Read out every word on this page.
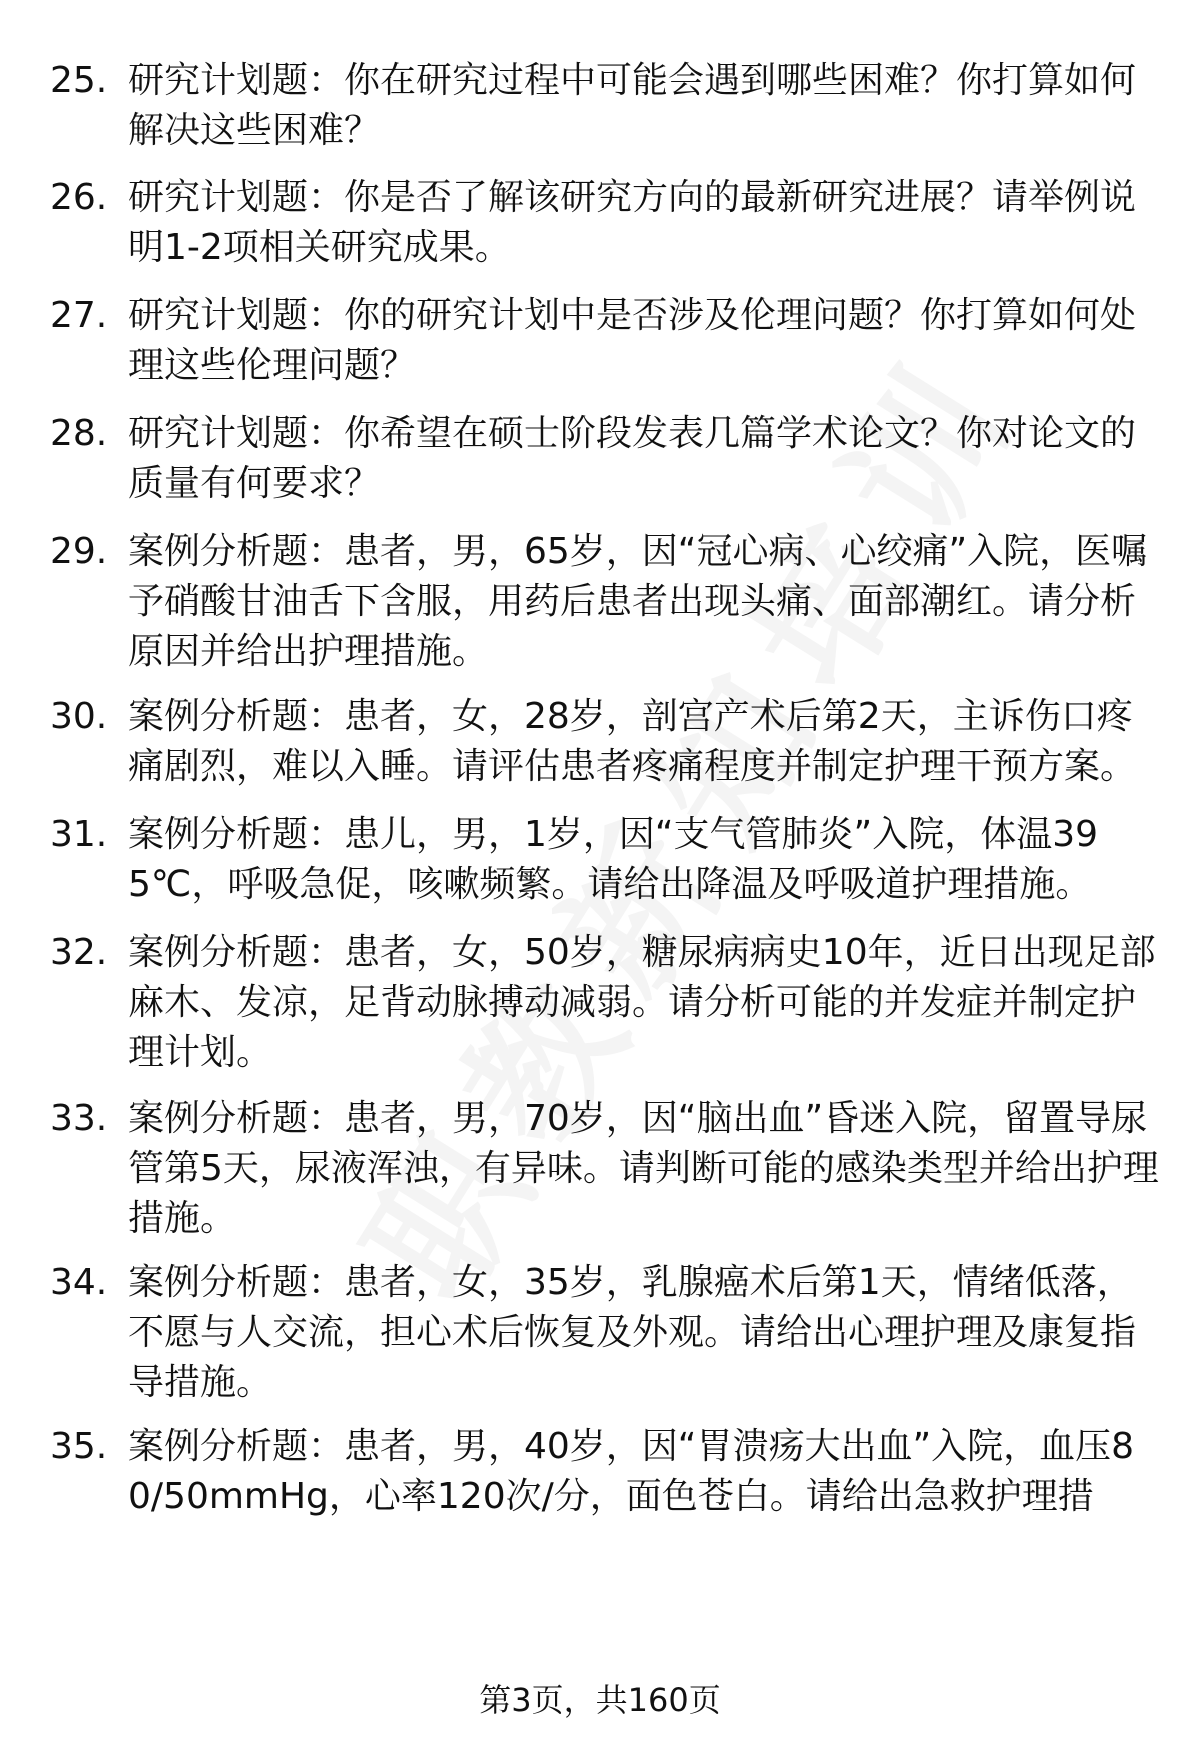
25. 研究计划题：你在研究过程中可能会遇到哪些困难？你打算如何解决这些困难？
26. 研究计划题：你是否了解该研究方向的最新研究进展？请举例说明1-2项相关研究成果。
27. 研究计划题：你的研究计划中是否涉及伦理问题？你打算如何处理这些伦理问题？
28. 研究计划题：你希望在硕士阶段发表几篇学术论文？你对论文的质量有何要求？
29. 案例分析题：患者，男，65岁，因“冠心病、心绞痛”入院，医嘱予硝酸甘油舌下含服，用药后患者出现头痛、面部潮红。请分析原因并给出护理措施。
30. 案例分析题：患者，女，28岁，剖宫产术后第2天，主诉伤口疼痛剧烈，难以入睡。请评估患者疼痛程度并制定护理干预方案。
31. 案例分析题：患儿，男，1岁，因“支气管肺炎”入院，体温395℃，呼吸急促，咳嗽频繁。请给出降温及呼吸道护理措施。
32. 案例分析题：患者，女，50岁，糖尿病病史10年，近日出现足部麻木、发凉，足背动脉搏动减弱。请分析可能的并发症并制定护理计划。
33. 案例分析题：患者，男，70岁，因“脑出血”昏迷入院，留置导尿管第5天，尿液浑浊，有异味。请判断可能的感染类型并给出护理措施。
34. 案例分析题：患者，女，35岁，乳腺癌术后第1天，情绪低落，不愿与人交流，担心术后恢复及外观。请给出心理护理及康复指导措施。
35. 案例分析题：患者，男，40岁，因“胃溃疡大出血”入院，血压80/50mmHg，心率120次/分，面色苍白。请给出急救护理措
第3页，共160页
